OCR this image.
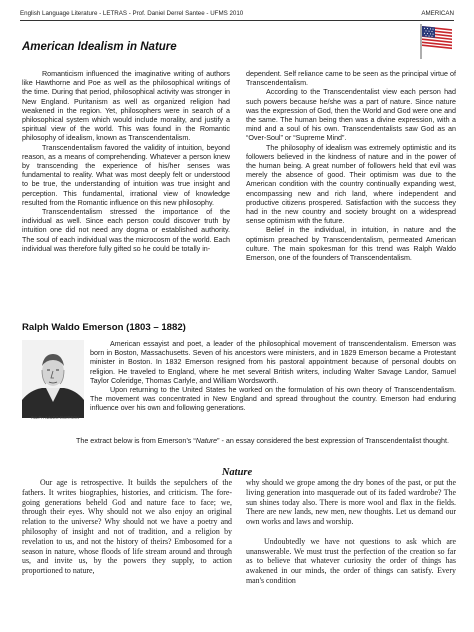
English Language Literature - LETRAS - Prof. Daniel Derrel Santee - UFMS 2010	AMERICAN
American Idealism in Nature

Romanticism influenced the imaginative writing of authors like Hawthorne and Poe as well as the philosophical writings of the time. During that period, philosophical activity was stronger in New England. Puritanism as well as organized religion had weakened in the region. Yet, philosophers were in search of a philosophical system which would include morality, and justify a spiritual view of the world. This was found in the Romantic philosophy of idealism, known as Transcendentalism.

Transcendentalism favored the validity of intuition, beyond reason, as a means of comprehending. Whatever a person knew by transcending the experience of his/her senses was fundamental to reality. What was most deeply felt or understood to be true, the understanding of intuition was true insight and perception. This fundamental, irrational view of knowledge resulted from the Romantic influence on this new philosophy.

Transcendentalism stressed the importance of the individual as well. Since each person could discover truth by intuition one did not need any dogma or established authority. The soul of each individual was the microcosm of the world. Each individual was therefore fully gifted so he could be totally in-

dependent. Self reliance came to be seen as the principal virtue of Transcendentalism.

According to the Transcendentalist view each person had such powers because he/she was a part of nature. Since nature was the expression of God, then the World and God were one and the same. The human being then was a divine expression, with a mind and a soul of his own. Transcendentalists saw God as an “Over-Soul” or “Supreme Mind”.

The philosophy of idealism was extremely optimistic and its followers believed in the kindness of nature and in the power of the human being. A great number of followers held that evil was merely the absence of good. Their optimism was due to the American condition with the country continually expanding west, encompassing new and rich land, where independent and productive citizens prospered. Satisfaction with the success they had in the new country and society brought on a widespread sense optimism with the future.

Belief in the individual, in intuition, in nature and the optimism preached by Transcendentalism, permeated American culture. The main spokesman for this trend was Ralph Waldo Emerson, one of the founders of Transcendentalism.

Ralph Waldo Emerson (1803 – 1882)
RALPH WALDO EMERSON

American essayist and poet, a leader of the philosophical movement of transcendentalism. Emerson was born in Boston, Massachusetts. Seven of his ancestors were ministers, and in 1829 Emerson became a Protestant minister in Boston. In 1832 Emerson resigned from his pastoral appointment because of personal doubts on religion. He traveled to England, where he met several British writers, including Walter Savage Landor, Samuel Taylor Coleridge, Thomas Carlyle, and William Wordsworth.

Upon returning to the United States he worked on the formulation of his own theory of Transcendentalism. The movement was concentrated in New England and spread throughout the country. Emerson had enduring influence over his own and following generations.

The extract below is from Emerson’s “Nature” - an essay considered the best expression of Transcendentalist thought.
Nature

Our age is retrospective. It builds the sepulchers of the fathers. It writes biographies, histories, and criticism. The fore-going generations beheld God and nature face to face; we, through their eyes. Why should not we also enjoy an original relation to the universe? Why should not we have a poetry and philosophy of insight and not of tradition, and a religion by revelation to us, and not the history of theirs? Embosomed for a season in nature, whose floods of life stream around and through us, and invite us, by the powers they supply, to action proportioned to nature,

why should we grope among the dry bones of the past, or put the living generation into masquerade out of its faded wardrobe? The sun shines today also. There is more wool and flax in the fields. There are new lands, new men, new thoughts. Let us demand our own works and laws and worship.

Undoubtedly we have not questions to ask which are unanswerable. We must trust the perfection of the creation so far as to believe that whatever curiosity the order of things has awakened in our minds, the order of things can satisfy. Every man's condition
